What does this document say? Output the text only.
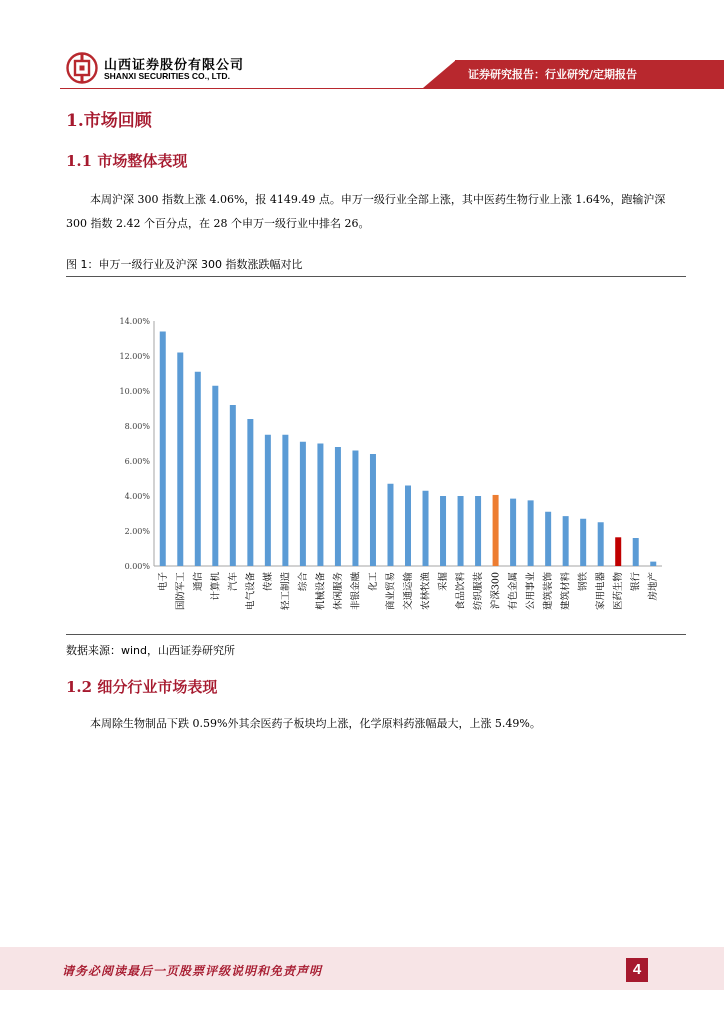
山西证券股份有限公司
SHANXI SECURITIES CO., LTD.	证券研究报告：行业研究/定期报告
1.市场回顾
1.1 市场整体表现

本周沪深 300 指数上涨 4.06%，报 4149.49 点。申万一级行业全部上涨，其中医药生物行业上涨 1.64%，跑输沪深 300 指数 2.42 个百分点，在 28 个申万一级行业中排名 26。

图 1：申万一级行业及沪深 300 指数涨跌幅对比
0.00%
2.00%
4.00%
6.00%
8.00%
10.00%
12.00%
14.00%
电子 国防军工 通信 计算机 汽车 电气设备 传媒 轻工制造 综合 机械设备 休闲服务 非银金融 化工 商业贸易 交通运输 农林牧渔 采掘 食品饮料 纺织服装 沪深300 有色金属 公用事业 建筑装饰 建筑材料 钢铁 家用电器 医药生物 银行 房地产
数据来源：wind，山西证券研究所
1.2 细分行业市场表现

本周除生物制品下跌 0.59%外其余医药子板块均上涨，化学原料药涨幅最大，上涨 5.49%。

请务必阅读最后一页股票评级说明和免责声明	4
